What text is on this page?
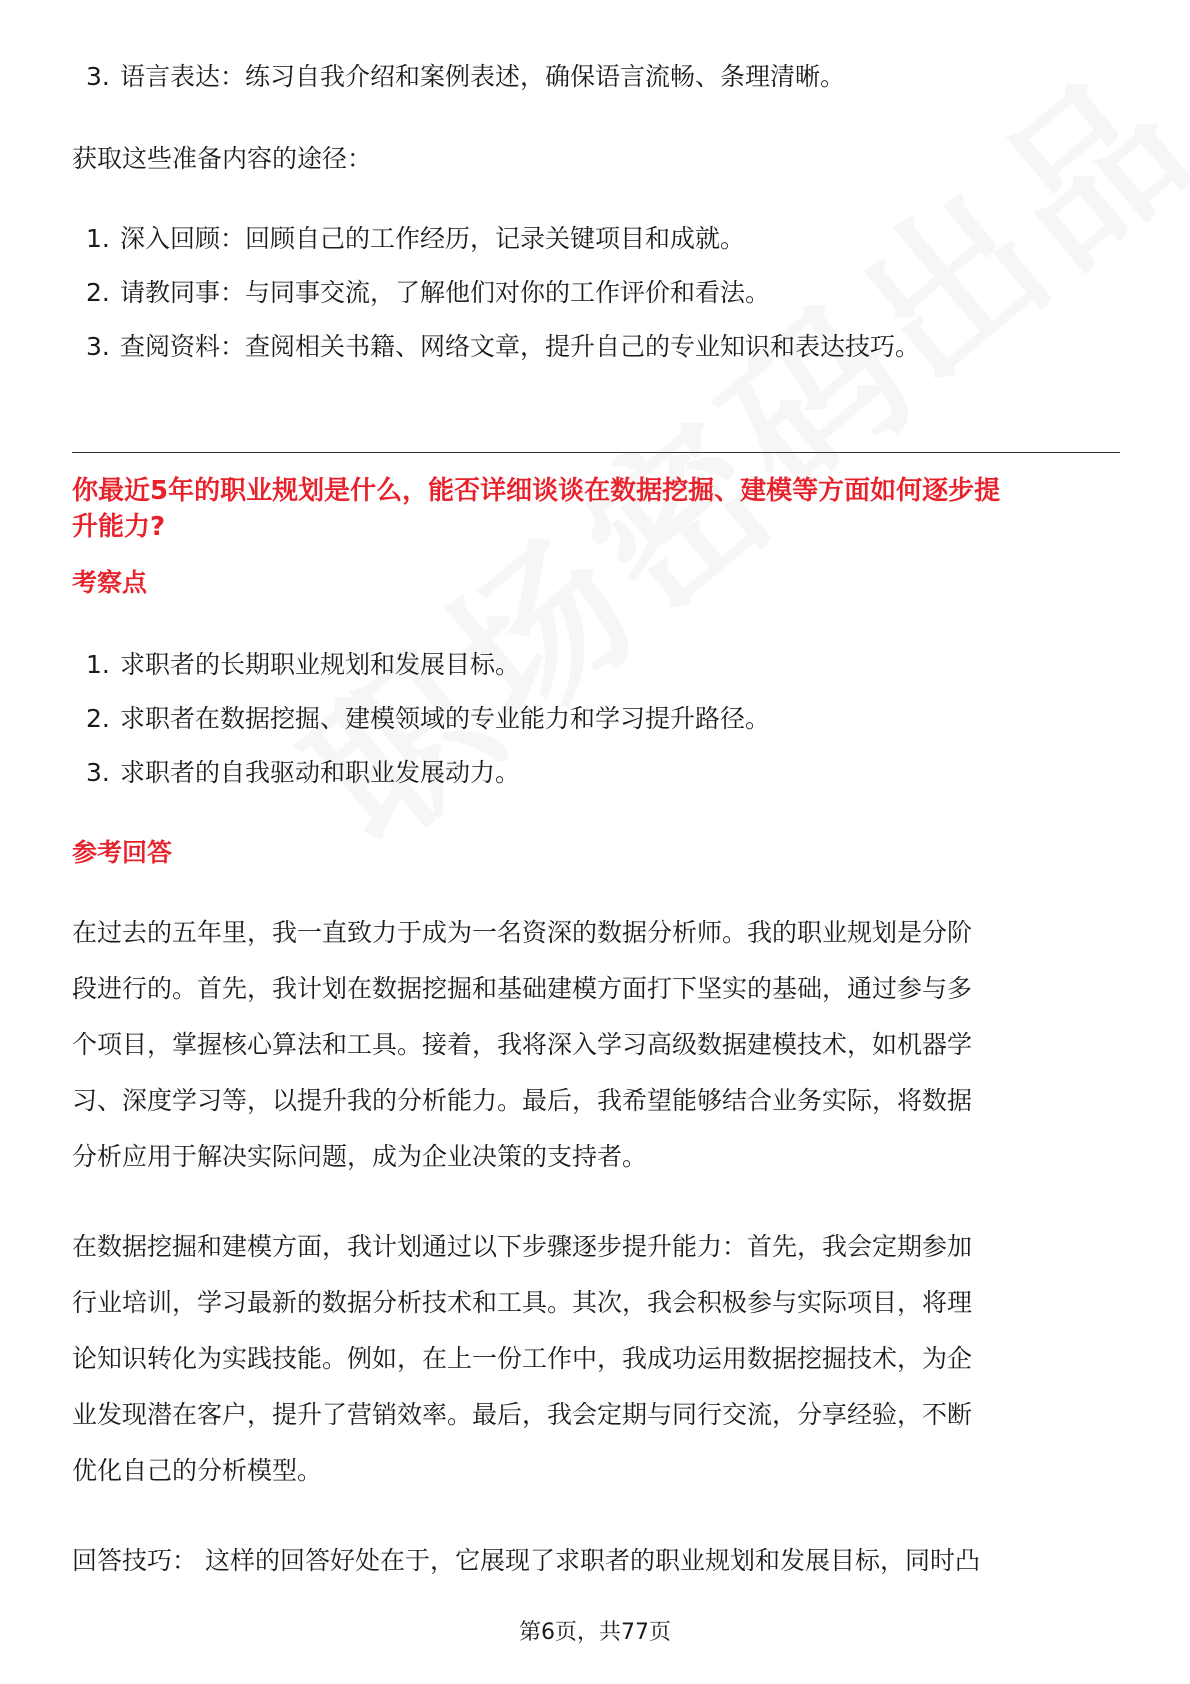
3. 语言表达：练习自我介绍和案例表述，确保语言流畅、条理清晰。
获取这些准备内容的途径：
1. 深入回顾：回顾自己的工作经历，记录关键项目和成就。
2. 请教同事：与同事交流，了解他们对你的工作评价和看法。
3. 查阅资料：查阅相关书籍、网络文章，提升自己的专业知识和表达技巧。
你最近5年的职业规划是什么，能否详细谈谈在数据挖掘、建模等方面如何逐步提
升能力?
考察点
1. 求职者的长期职业规划和发展目标。
2. 求职者在数据挖掘、建模领域的专业能力和学习提升路径。
3. 求职者的自我驱动和职业发展动力。
参考回答
在过去的五年里，我一直致力于成为一名资深的数据分析师。我的职业规划是分阶
段进行的。首先，我计划在数据挖掘和基础建模方面打下坚实的基础，通过参与多
个项目，掌握核心算法和工具。接着，我将深入学习高级数据建模技术，如机器学
习、深度学习等，以提升我的分析能力。最后，我希望能够结合业务实际，将数据
分析应用于解决实际问题，成为企业决策的支持者。
在数据挖掘和建模方面，我计划通过以下步骤逐步提升能力：首先，我会定期参加
行业培训，学习最新的数据分析技术和工具。其次，我会积极参与实际项目，将理
论知识转化为实践技能。例如，在上一份工作中，我成功运用数据挖掘技术，为企
业发现潜在客户，提升了营销效率。最后，我会定期与同行交流，分享经验，不断
优化自己的分析模型。
回答技巧： 这样的回答好处在于，它展现了求职者的职业规划和发展目标，同时凸
第6页，共77页
